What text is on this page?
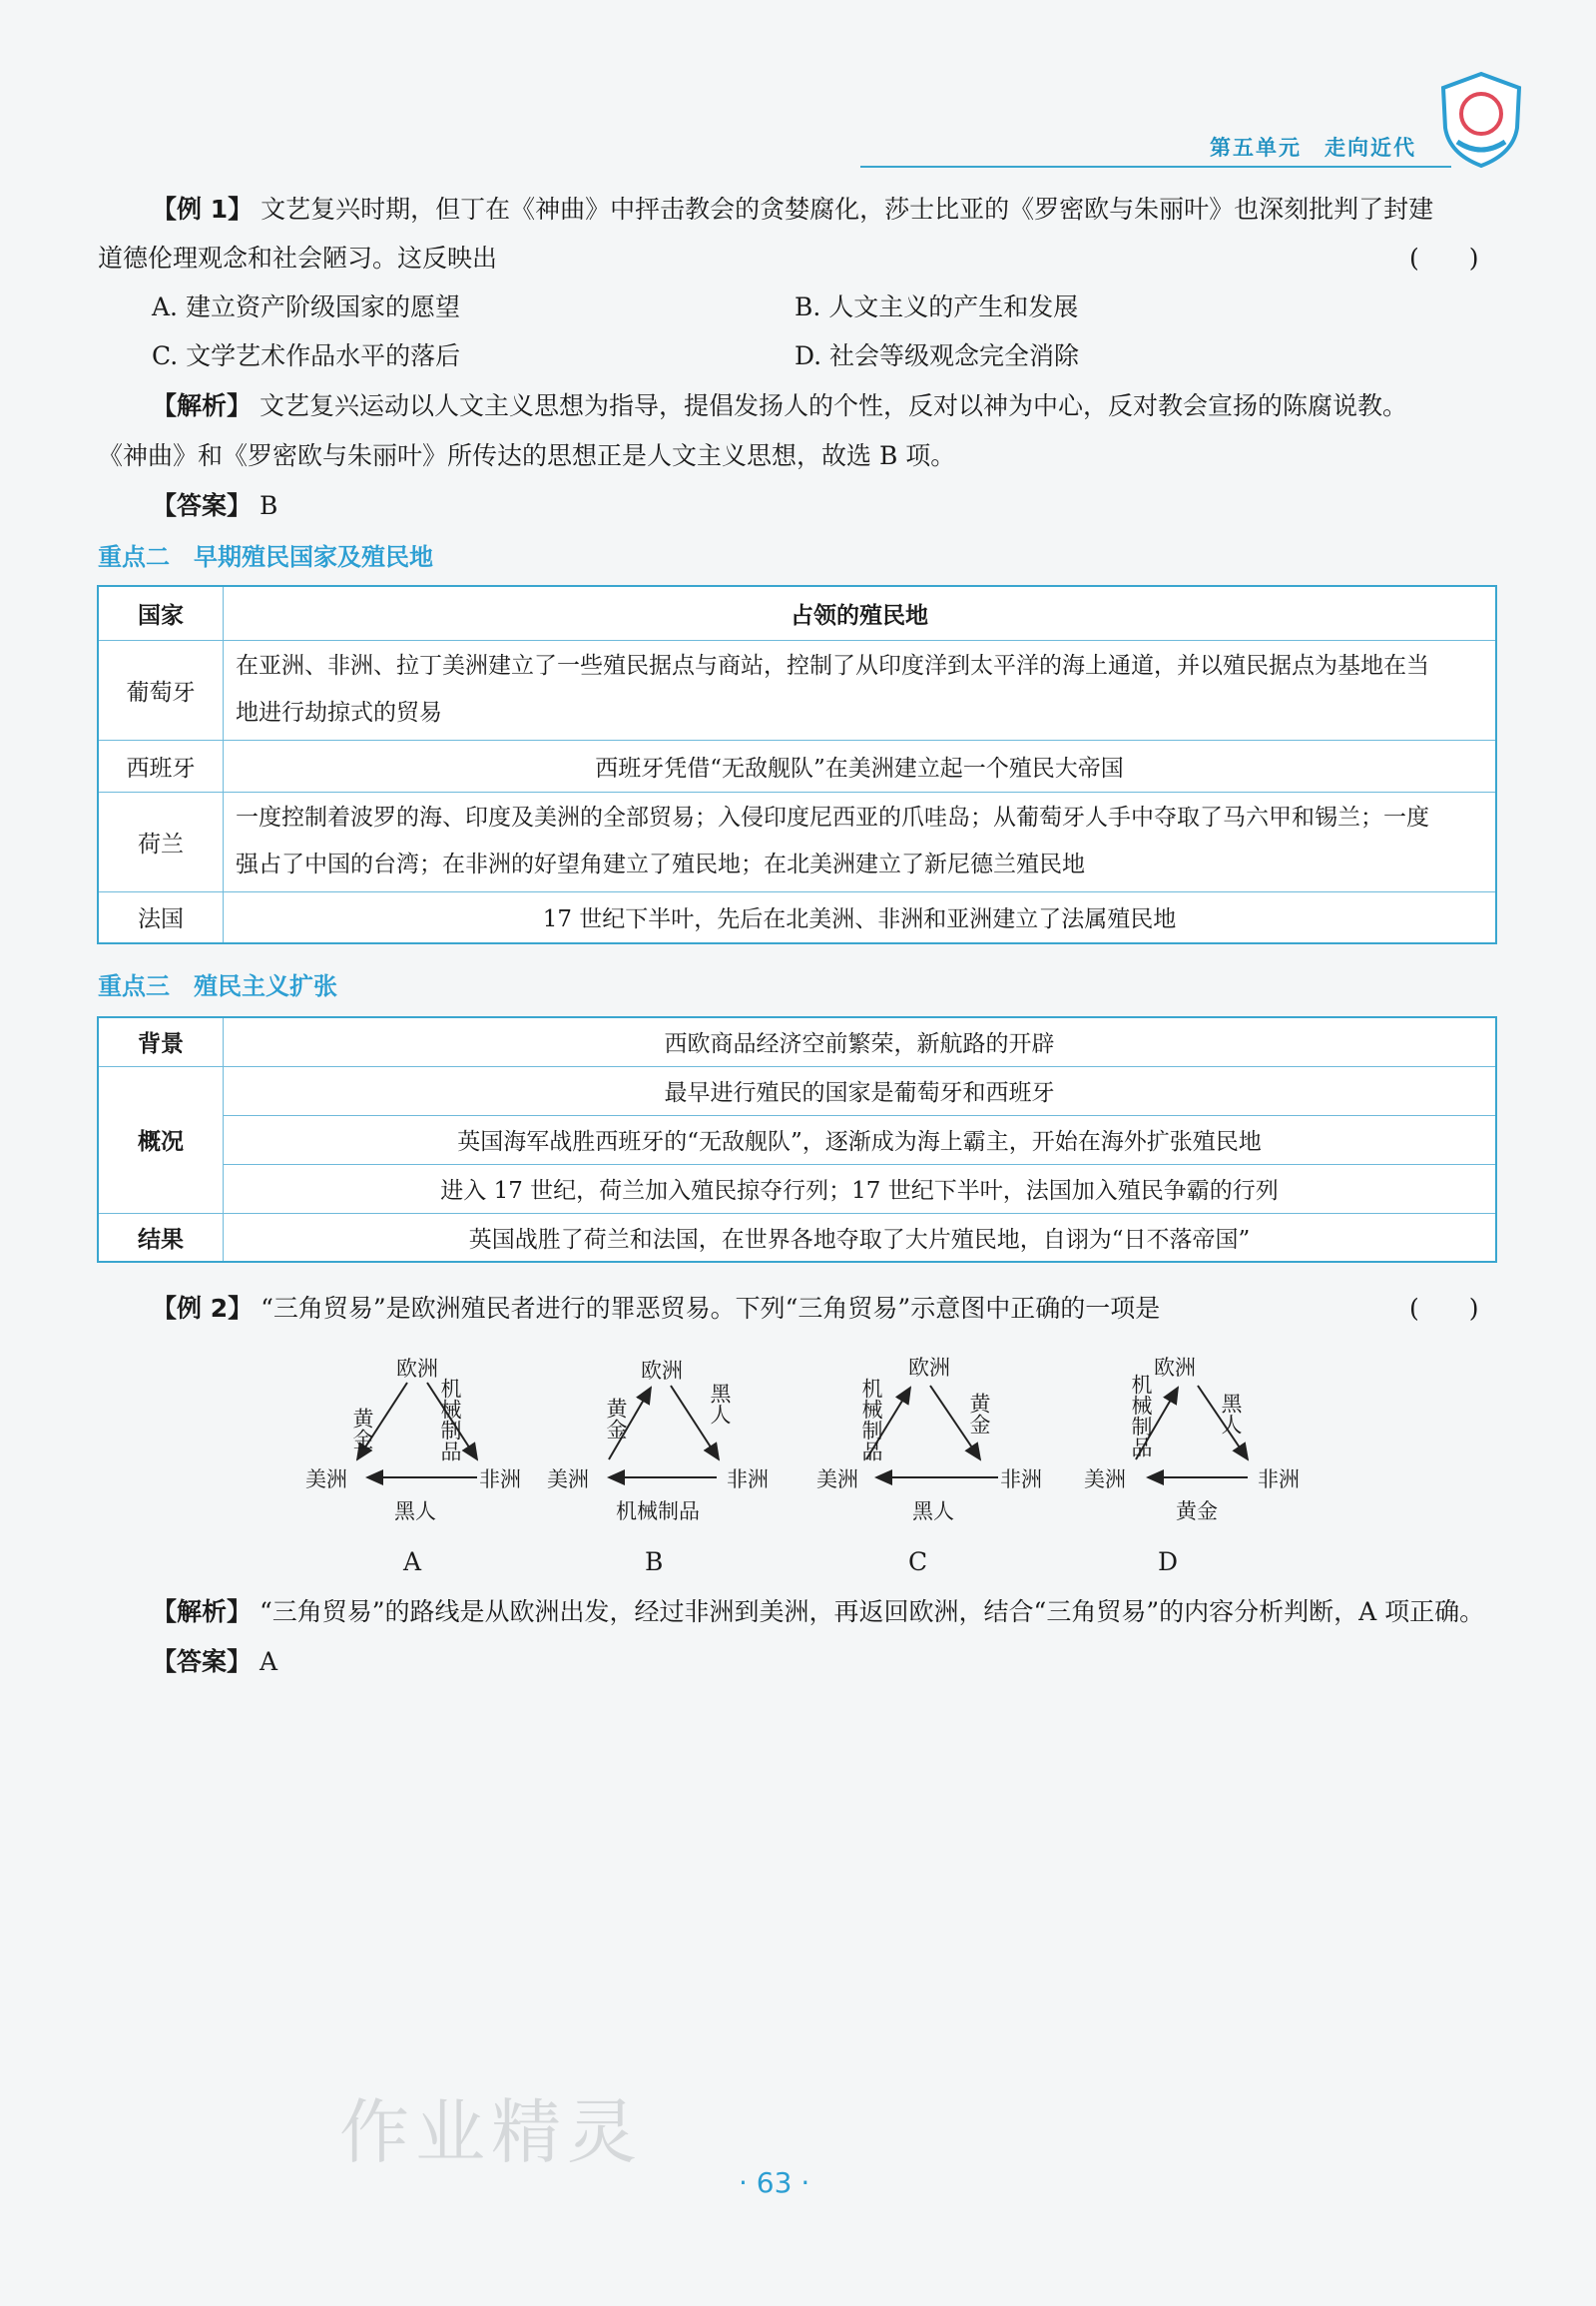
第五单元　走向近代
【例 1】 文艺复兴时期，但丁在《神曲》中抨击教会的贪婪腐化，莎士比亚的《罗密欧与朱丽叶》也深刻批判了封建
道德伦理观念和社会陋习。这反映出	(　　)
A. 建立资产阶级国家的愿望	B. 人文主义的产生和发展
C. 文学艺术作品水平的落后	D. 社会等级观念完全消除
【解析】 文艺复兴运动以人文主义思想为指导，提倡发扬人的个性，反对以神为中心，反对教会宣扬的陈腐说教。
《神曲》和《罗密欧与朱丽叶》所传达的思想正是人文主义思想，故选 B 项。
【答案】 B
重点二　早期殖民国家及殖民地
国家	占领的殖民地
葡萄牙	在亚洲、非洲、拉丁美洲建立了一些殖民据点与商站，控制了从印度洋到太平洋的海上通道，并以殖民据点为基地在当
地进行劫掠式的贸易

西班牙	西班牙凭借“无敌舰队”在美洲建立起一个殖民大帝国
荷兰	一度控制着波罗的海、印度及美洲的全部贸易；入侵印度尼西亚的爪哇岛；从葡萄牙人手中夺取了马六甲和锡兰；一度
强占了中国的台湾；在非洲的好望角建立了殖民地；在北美洲建立了新尼德兰殖民地

法国	17 世纪下半叶，先后在北美洲、非洲和亚洲建立了法属殖民地
重点三　殖民主义扩张
背景	西欧商品经济空前繁荣，新航路的开辟
概况	最早进行殖民的国家是葡萄牙和西班牙
	英国海军战胜西班牙的“无敌舰队”，逐渐成为海上霸主，开始在海外扩张殖民地
	进入 17 世纪，荷兰加入殖民掠夺行列；17 世纪下半叶，法国加入殖民争霸的行列
结果	英国战胜了荷兰和法国，在世界各地夺取了大片殖民地，自诩为“日不落帝国”
【例 2】 “三角贸易”是欧洲殖民者进行的罪恶贸易。下列“三角贸易”示意图中正确的一项是	(　　)
欧洲
美洲	非洲
黄金	机械制品
黑人
A
欧洲
美洲	非洲
黄金	黑人
机械制品
B
欧洲
美洲	非洲
机械制品	黄金
黑人
C
欧洲
美洲	非洲
机械制品	黑人
黄金
D
【解析】 “三角贸易”的路线是从欧洲出发，经过非洲到美洲，再返回欧洲，结合“三角贸易”的内容分析判断，A 项正确。
【答案】 A
作业精灵
· 63 ·
